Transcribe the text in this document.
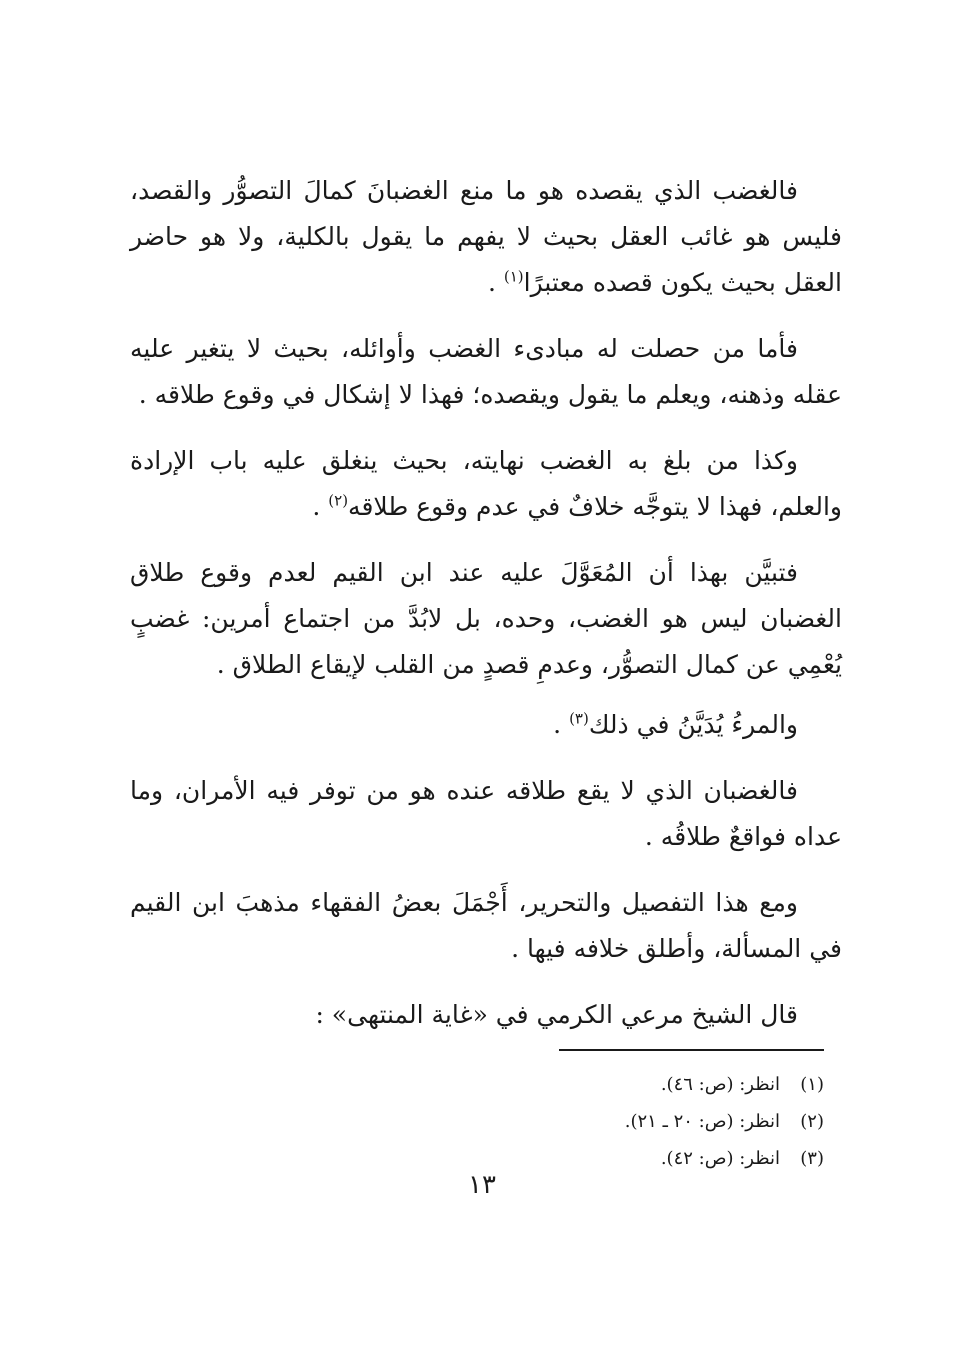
فالغضب الذي يقصده هو ما منع الغضبانَ كمالَ التصوُّر والقصد، فليس هو غائب العقل بحيث لا يفهم ما يقول بالكلية، ولا هو حاضر العقل بحيث يكون قصده معتبرًا$^{(١)}$ .

فأما من حصلت له مبادىء الغضب وأوائله، بحيث لا يتغير عليه عقله وذهنه، ويعلم ما يقول ويقصده؛ فهذا لا إشكال في وقوع طلاقه .

وكذا من بلغ به الغضب نهايته، بحيث ينغلق عليه باب الإرادة والعلم، فهذا لا يتوجَّه خلافٌ في عدم وقوع طلاقه$^{(٢)}$ .

فتبيَّن بهذا أن المُعَوَّلَ عليه عند ابن القيم لعدم وقوع طلاق الغضبان ليس هو الغضب، وحده، بل لابُدَّ من اجتماع أمرين: غضبٍ يُعْمِي عن كمال التصوُّر، وعدمِ قصدٍ من القلب لإيقاع الطلاق .

والمرءُ يُدَيَّنُ في ذلك$^{(٣)}$ .

فالغضبان الذي لا يقع طلاقه عنده هو من توفر فيه الأمران، وما عداه فواقعٌ طلاقُه .

ومع هذا التفصيل والتحرير، أَجْمَلَ بعضُ الفقهاء مذهبَ ابن القيم في المسألة، وأطلق خلافه فيها .

قال الشيخ مرعي الكرمي في «غاية المنتهى» :

(١)انظر: (ص: ٤٦).
(٢)انظر: (ص: ٢٠ ـ ٢١).
(٣)انظر: (ص: ٤٢).
١٣
